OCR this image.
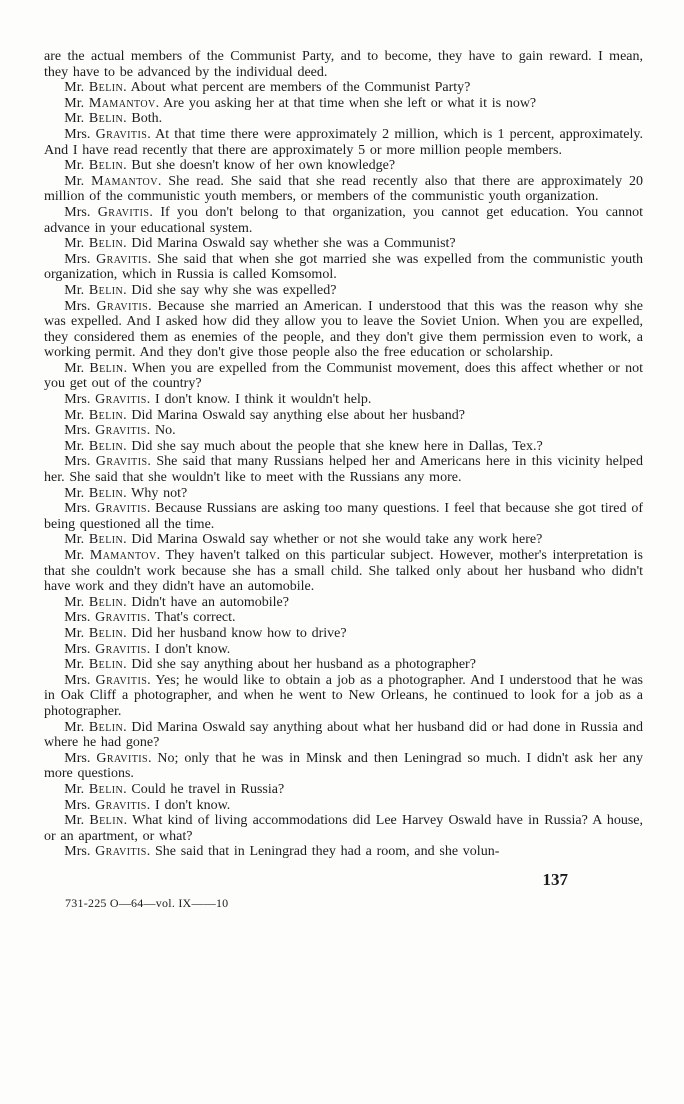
are the actual members of the Communist Party, and to become, they have to gain reward. I mean, they have to be advanced by the individual deed.

Mr. Belin. About what percent are members of the Communist Party?

Mr. Mamantov. Are you asking her at that time when she left or what it is now?

Mr. Belin. Both.

Mrs. Gravitis. At that time there were approximately 2 million, which is 1 percent, approximately. And I have read recently that there are approximately 5 or more million people members.

Mr. Belin. But she doesn't know of her own knowledge?

Mr. Mamantov. She read. She said that she read recently also that there are approximately 20 million of the communistic youth members, or members of the communistic youth organization.

Mrs. Gravitis. If you don't belong to that organization, you cannot get education. You cannot advance in your educational system.

Mr. Belin. Did Marina Oswald say whether she was a Communist?

Mrs. Gravitis. She said that when she got married she was expelled from the communistic youth organization, which in Russia is called Komsomol.

Mr. Belin. Did she say why she was expelled?

Mrs. Gravitis. Because she married an American. I understood that this was the reason why she was expelled. And I asked how did they allow you to leave the Soviet Union. When you are expelled, they considered them as enemies of the people, and they don't give them permission even to work, a working permit. And they don't give those people also the free education or scholarship.

Mr. Belin. When you are expelled from the Communist movement, does this affect whether or not you get out of the country?

Mrs. Gravitis. I don't know. I think it wouldn't help.

Mr. Belin. Did Marina Oswald say anything else about her husband?

Mrs. Gravitis. No.

Mr. Belin. Did she say much about the people that she knew here in Dallas, Tex.?

Mrs. Gravitis. She said that many Russians helped her and Americans here in this vicinity helped her. She said that she wouldn't like to meet with the Russians any more.

Mr. Belin. Why not?

Mrs. Gravitis. Because Russians are asking too many questions. I feel that because she got tired of being questioned all the time.

Mr. Belin. Did Marina Oswald say whether or not she would take any work here?

Mr. Mamantov. They haven't talked on this particular subject. However, mother's interpretation is that she couldn't work because she has a small child. She talked only about her husband who didn't have work and they didn't have an automobile.

Mr. Belin. Didn't have an automobile?

Mrs. Gravitis. That's correct.

Mr. Belin. Did her husband know how to drive?

Mrs. Gravitis. I don't know.

Mr. Belin. Did she say anything about her husband as a photographer?

Mrs. Gravitis. Yes; he would like to obtain a job as a photographer. And I understood that he was in Oak Cliff a photographer, and when he went to New Orleans, he continued to look for a job as a photographer.

Mr. Belin. Did Marina Oswald say anything about what her husband did or had done in Russia and where he had gone?

Mrs. Gravitis. No; only that he was in Minsk and then Leningrad so much. I didn't ask her any more questions.

Mr. Belin. Could he travel in Russia?

Mrs. Gravitis. I don't know.

Mr. Belin. What kind of living accommodations did Lee Harvey Oswald have in Russia? A house, or an apartment, or what?

Mrs. Gravitis. She said that in Leningrad they had a room, and she volun-

137
731-225 O—64—vol. IX——10
